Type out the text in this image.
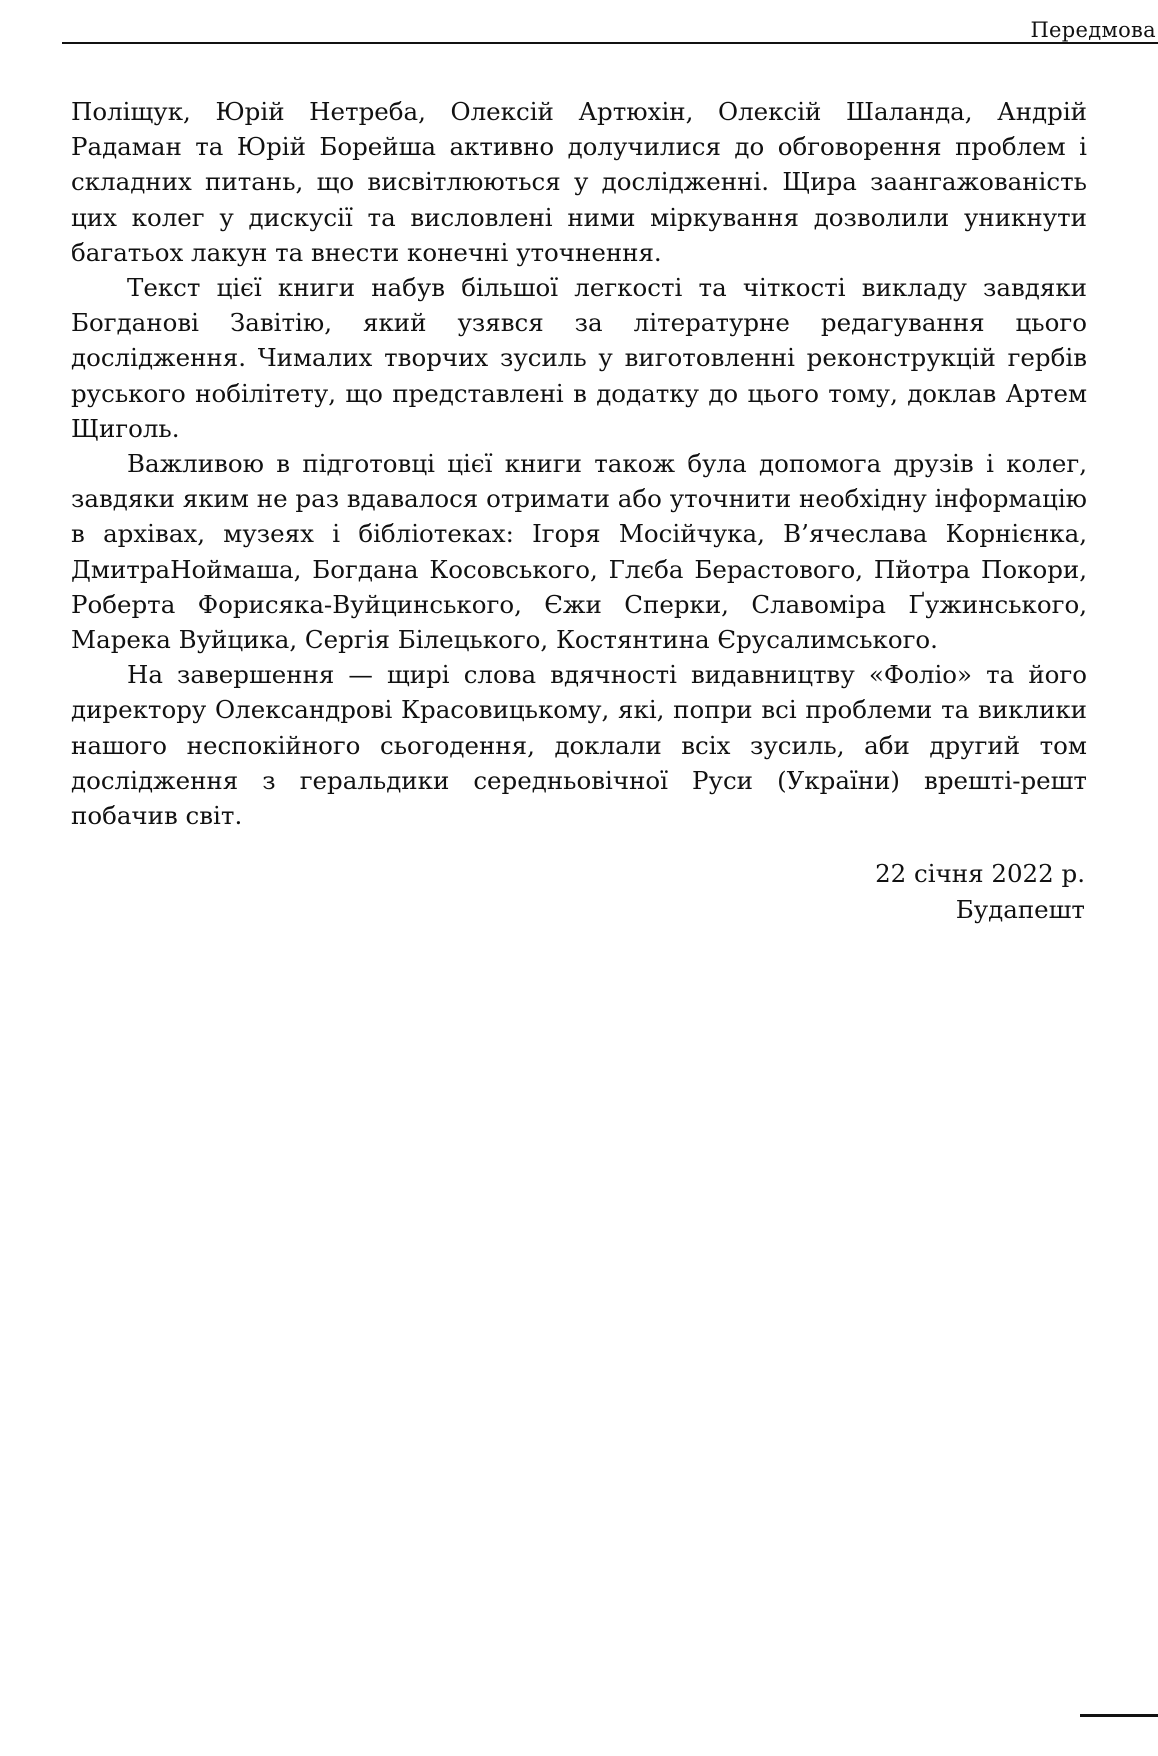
Передмова

Поліщук, Юрій Нетреба, Олексій Артюхін, Олексій Шаланда, Андрій Радаман та Юрій Борейша активно долучилися до обговорення проблем і складних питань, що висвітлюються у дослідженні. Щира заангажованість цих колег у дискусії та висловлені ними міркування дозволили уникнути багатьох лакун та внести конечні уточнення.

Текст цієї книги набув більшої легкості та чіткості викладу завдяки Богданові Завітію, який узявся за літературне редагування цього дослідження. Чималих творчих зусиль у виготовленні реконструкцій гербів руського нобілітету, що представлені в додатку до цього тому, доклав Артем Щиголь.

Важливою в підготовці цієї книги також була допомога друзів і колег, завдяки яким не раз вдавалося отримати або уточнити необхідну інформацію в архівах, музеях і бібліотеках: Ігоря Мосійчука, В’ячеслава Корнієнка, ДмитраНоймаша, Богдана Косовського, Глєба Берастового, Пйотра Покори, Роберта Форисяка-Вуйцинського, Єжи Сперки, Славоміра Ґужинського, Марека Вуйцика, Сергія Білецького, Костянтина Єрусалимського.

На завершення — щирі слова вдячності видавництву «Фоліо» та його директору Олександрові Красовицькому, які, попри всі проблеми та виклики нашого неспокійного сьогодення, доклали всіх зусиль, аби другий том дослідження з геральдики середньовічної Руси (України) врешті-решт побачив світ.

22 січня 2022 р.
Будапешт
